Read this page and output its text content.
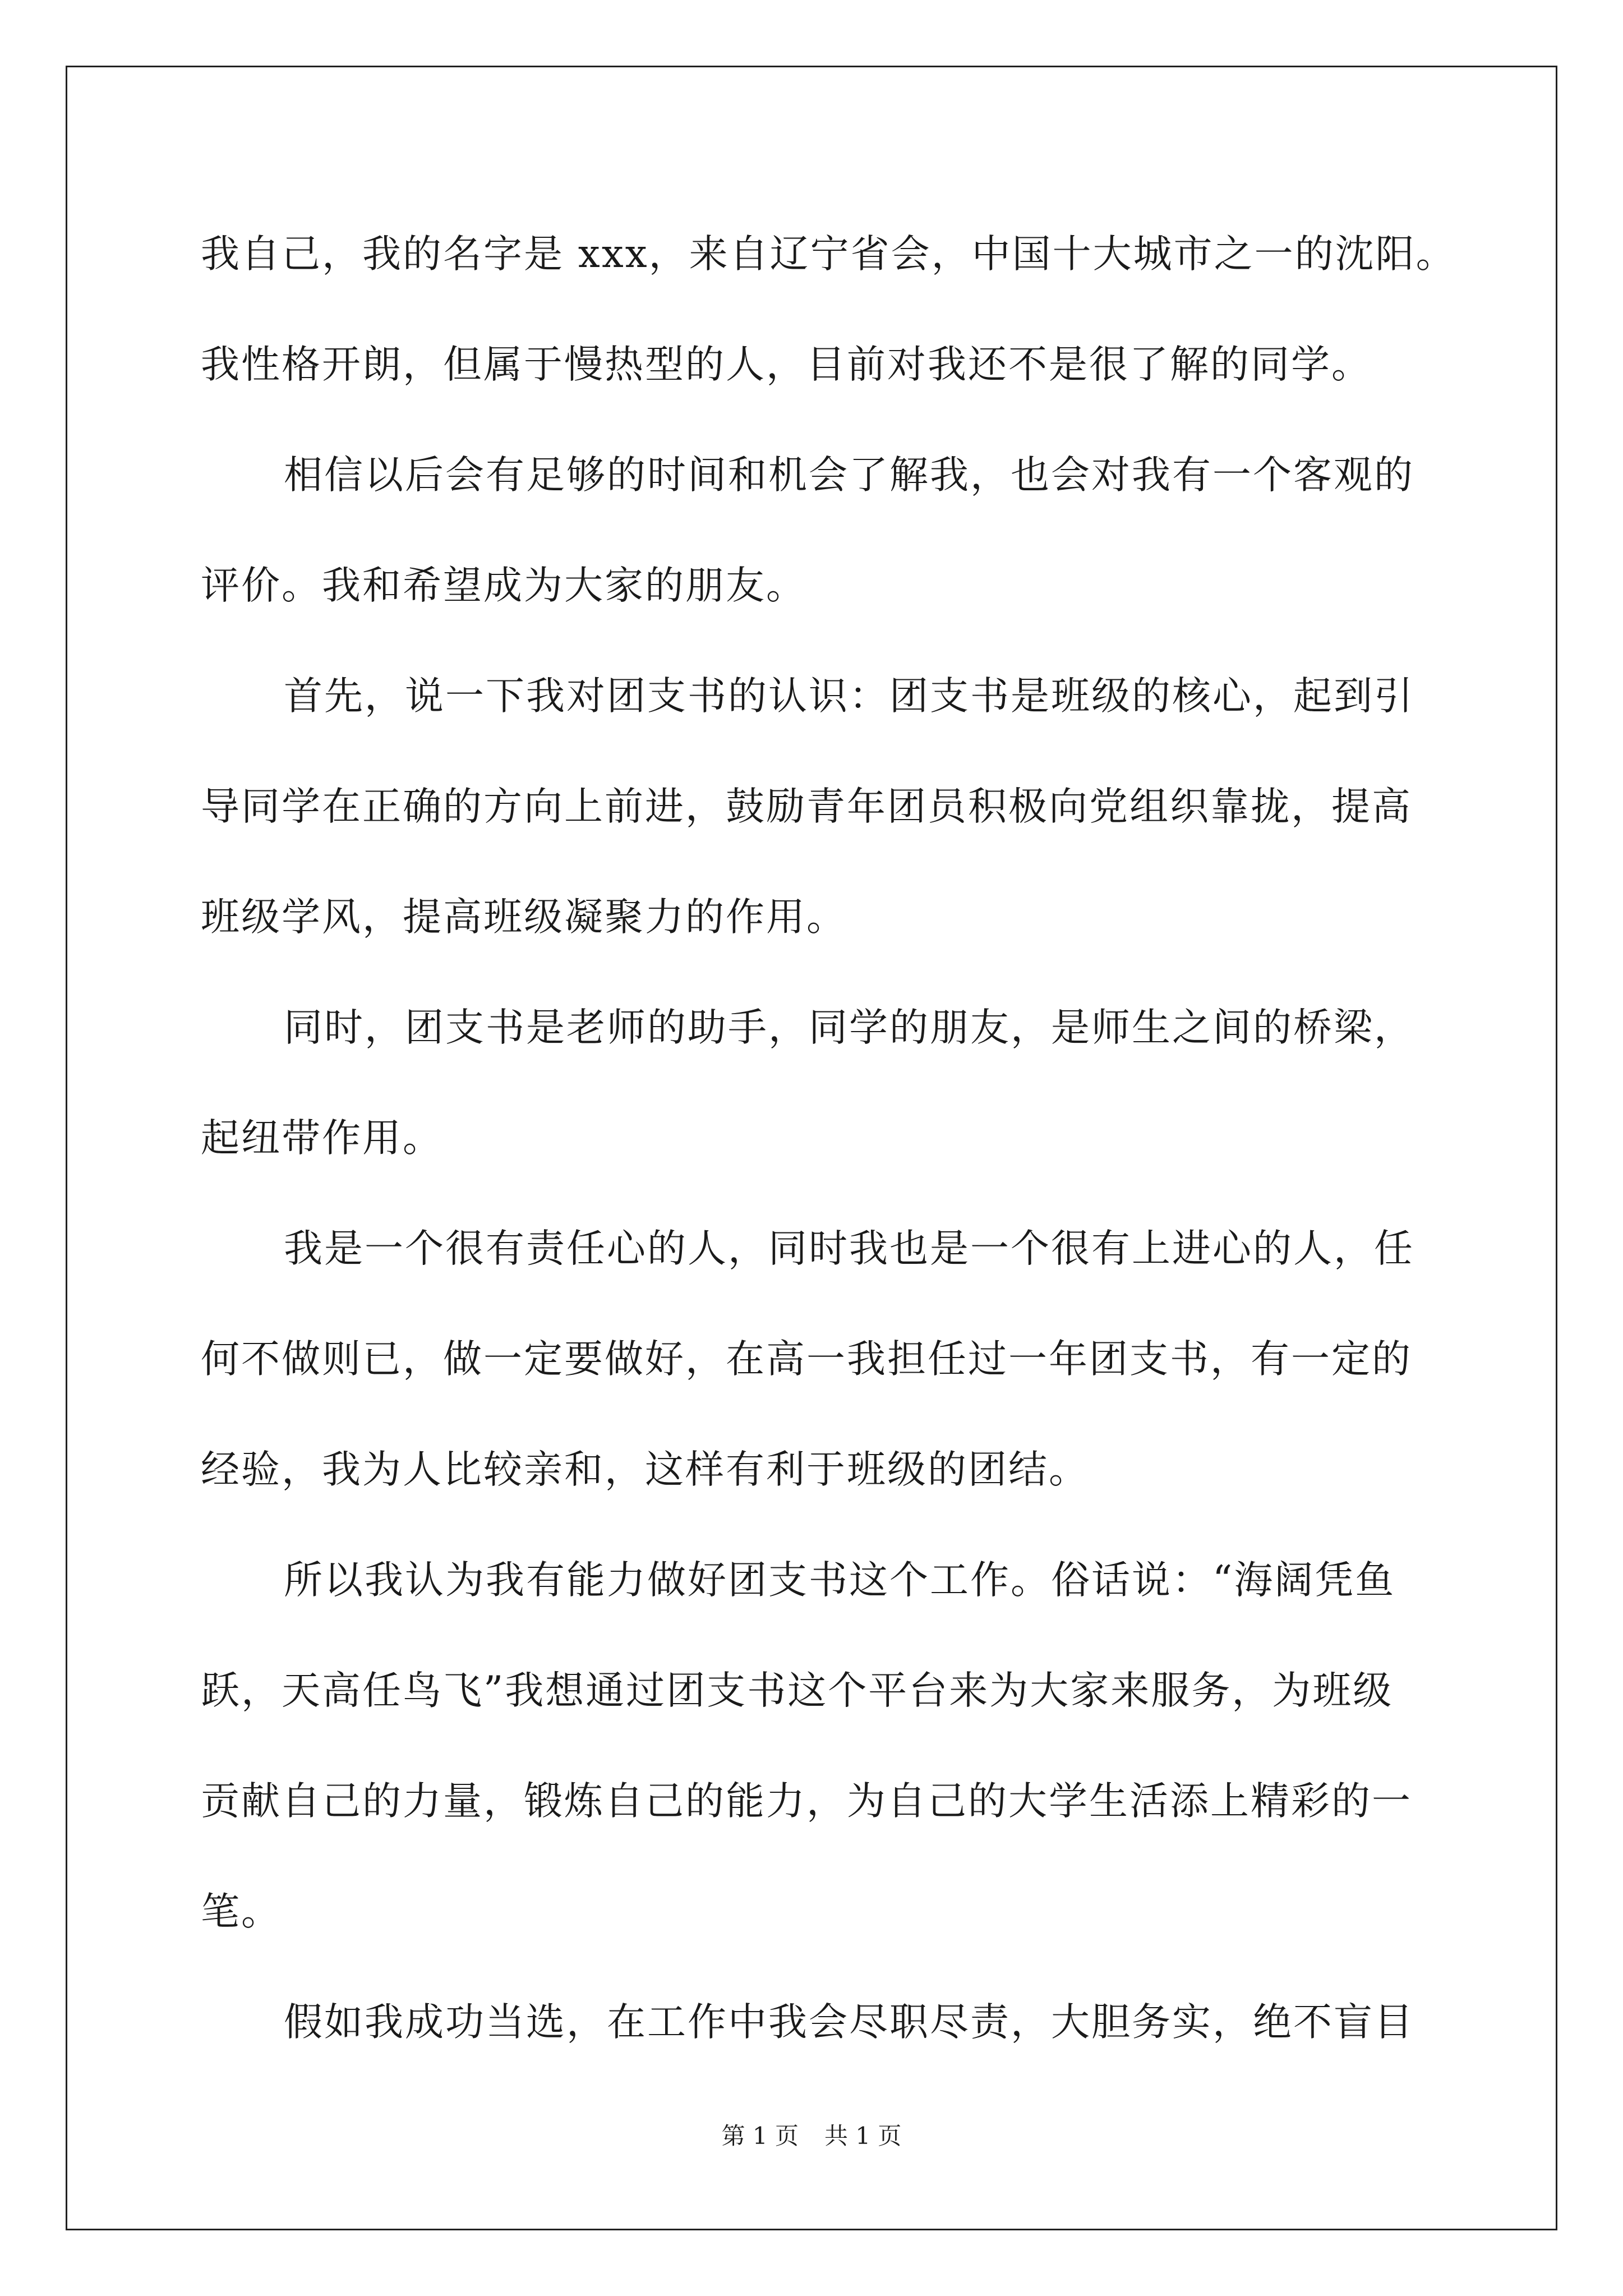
我自己，我的名字是 xxx，来自辽宁省会，中国十大城市之一的沈阳。
我性格开朗，但属于慢热型的人，目前对我还不是很了解的同学。
相信以后会有足够的时间和机会了解我，也会对我有一个客观的
评价。我和希望成为大家的朋友。
首先，说一下我对团支书的认识：团支书是班级的核心，起到引
导同学在正确的方向上前进，鼓励青年团员积极向党组织靠拢，提高
班级学风，提高班级凝聚力的作用。
同时，团支书是老师的助手，同学的朋友，是师生之间的桥梁，
起纽带作用。
我是一个很有责任心的人，同时我也是一个很有上进心的人，任
何不做则已，做一定要做好，在高一我担任过一年团支书，有一定的
经验，我为人比较亲和，这样有利于班级的团结。
所以我认为我有能力做好团支书这个工作。俗话说：“海阔凭鱼
跃，天高任鸟飞”我想通过团支书这个平台来为大家来服务，为班级
贡献自己的力量，锻炼自己的能力，为自己的大学生活添上精彩的一
笔。
假如我成功当选，在工作中我会尽职尽责，大胆务实，绝不盲目
第 1 页 共 1 页
